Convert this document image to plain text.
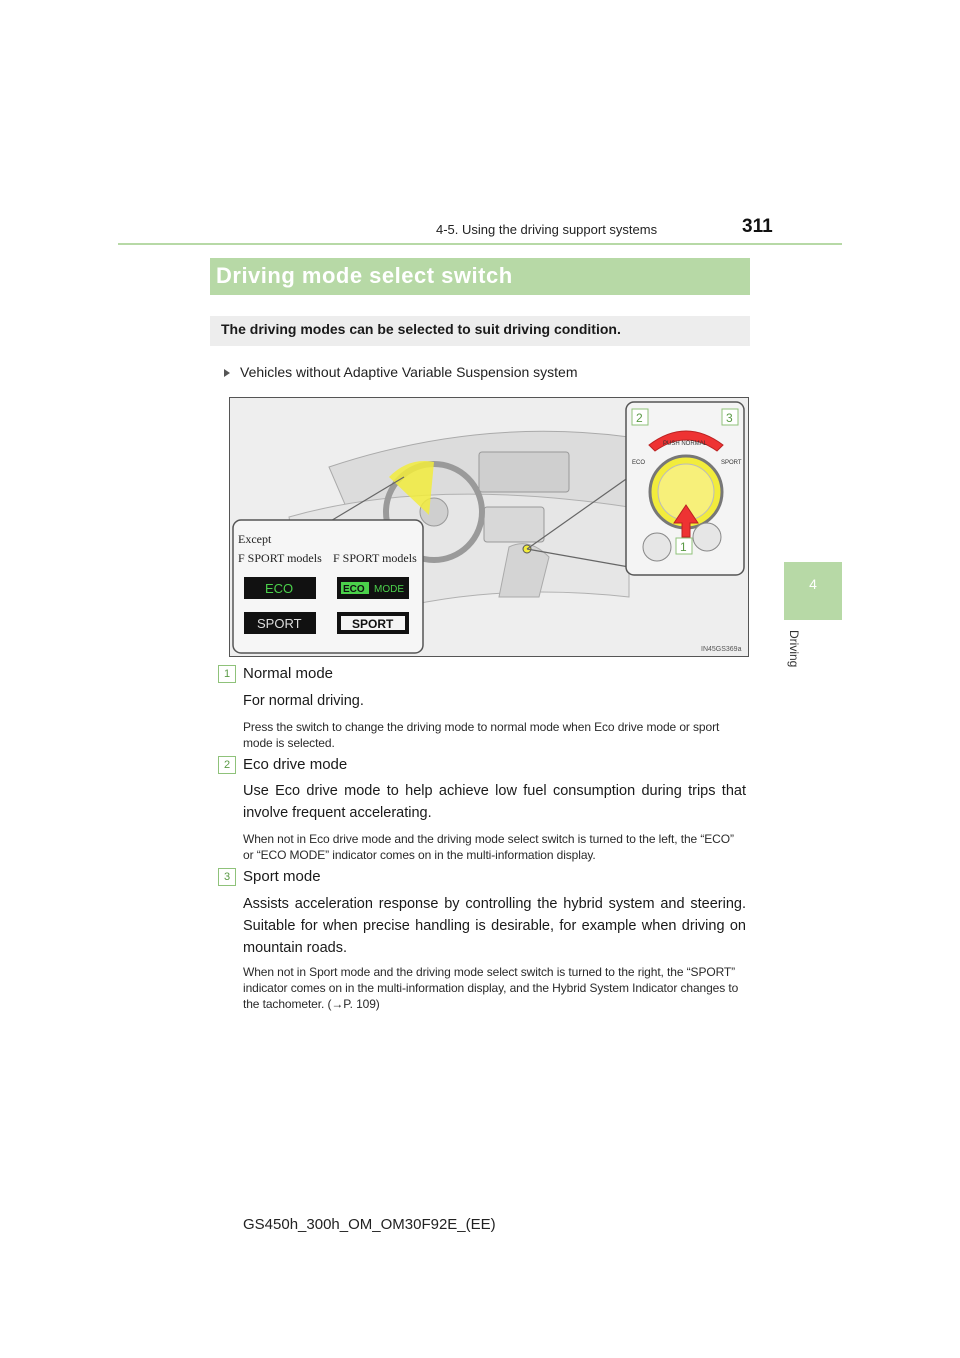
4-5. Using the driving support systems	311
4
Driving
Driving mode select switch
The driving modes can be selected to suit driving condition.
Vehicles without Adaptive Variable Suspension system
PUSH NORMAL
ECO	SPORT
2	3
1
Except
F SPORT models F SPORT models
ECO
SPORT
ECO MODE
SPORT
IN45GS369a
1 Normal mode
For normal driving.
Press the switch to change the driving mode to normal mode when Eco drive mode or sport mode is selected.
2 Eco drive mode
Use Eco drive mode to help achieve low fuel consumption during trips that involve frequent accelerating.
When not in Eco drive mode and the driving mode select switch is turned to the left, the “ECO” or “ECO MODE” indicator comes on in the multi-information display.
3 Sport mode
Assists acceleration response by controlling the hybrid system and steering. Suitable for when precise handling is desirable, for example when driving on mountain roads.
When not in Sport mode and the driving mode select switch is turned to the right, the “SPORT” indicator comes on in the multi-information display, and the Hybrid System Indicator changes to the tachometer. (→P. 109)
GS450h_300h_OM_OM30F92E_(EE)
